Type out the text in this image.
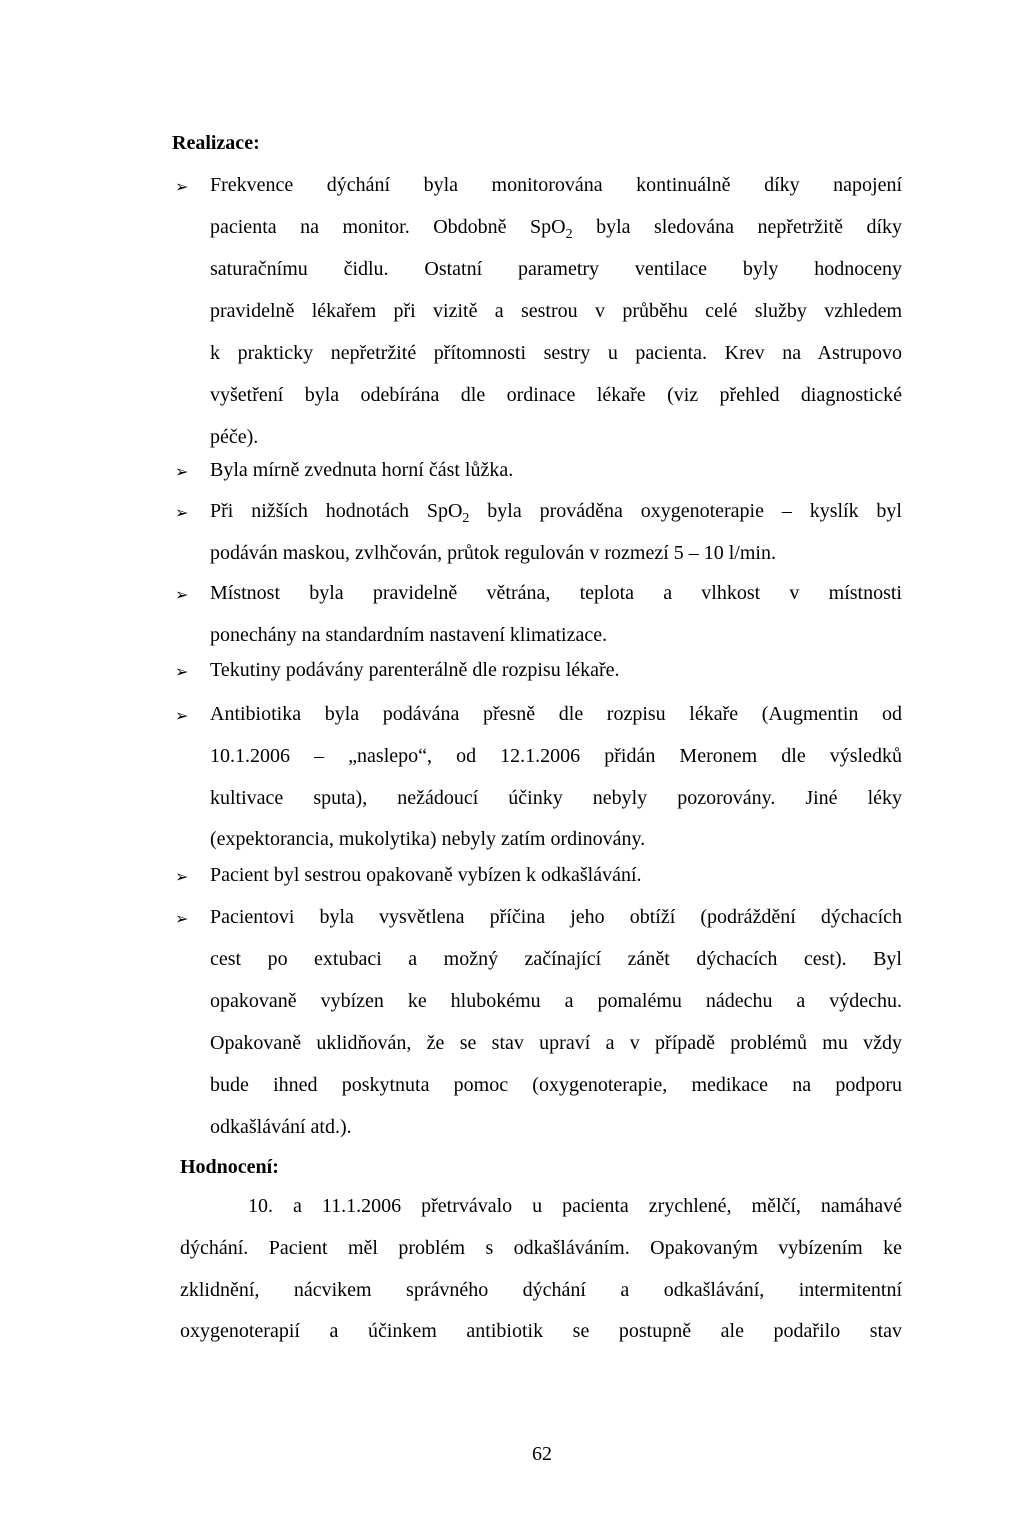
Realizace:
➢	Frekvence dýchání byla monitorována kontinuálně díky napojení
pacienta na monitor. Obdobně SpO$_2$ byla sledována nepřetržitě díky
saturačnímu čidlu. Ostatní parametry ventilace byly hodnoceny
pravidelně lékařem při vizitě a sestrou v průběhu celé služby vzhledem
k prakticky nepřetržité přítomnosti sestry u pacienta. Krev na Astrupovo
vyšetření byla odebírána dle ordinace lékaře (viz přehled diagnostické
péče).
➢	Byla mírně zvednuta horní část lůžka.
➢	Při nižších hodnotách SpO$_2$ byla prováděna oxygenoterapie – kyslík byl
podáván maskou, zvlhčován, průtok regulován v rozmezí 5 – 10 l/min.
➢	Místnost byla pravidelně větrána, teplota a vlhkost v místnosti
ponechány na standardním nastavení klimatizace.
➢	Tekutiny podávány parenterálně dle rozpisu lékaře.
➢	Antibiotika byla podávána přesně dle rozpisu lékaře (Augmentin od
10.1.2006 – „naslepo“, od 12.1.2006 přidán Meronem dle výsledků
kultivace sputa), nežádoucí účinky nebyly pozorovány. Jiné léky
(expektorancia, mukolytika) nebyly zatím ordinovány.
➢	Pacient byl sestrou opakovaně vybízen k odkašlávání.
➢	Pacientovi byla vysvětlena příčina jeho obtíží (podráždění dýchacích
cest po extubaci a možný začínající zánět dýchacích cest). Byl
opakovaně vybízen ke hlubokému a pomalému nádechu a výdechu.
Opakovaně uklidňován, že se stav upraví a v případě problémů mu vždy
bude ihned poskytnuta pomoc (oxygenoterapie, medikace na podporu
odkašlávání atd.).
Hodnocení:
10. a 11.1.2006 přetrvávalo u pacienta zrychlené, mělčí, namáhavé
dýchání. Pacient měl problém s odkašláváním. Opakovaným vybízením ke
zklidnění, nácvikem správného dýchání a odkašlávání, intermitentní
oxygenoterapií a účinkem antibiotik se postupně ale podařilo stav
62
